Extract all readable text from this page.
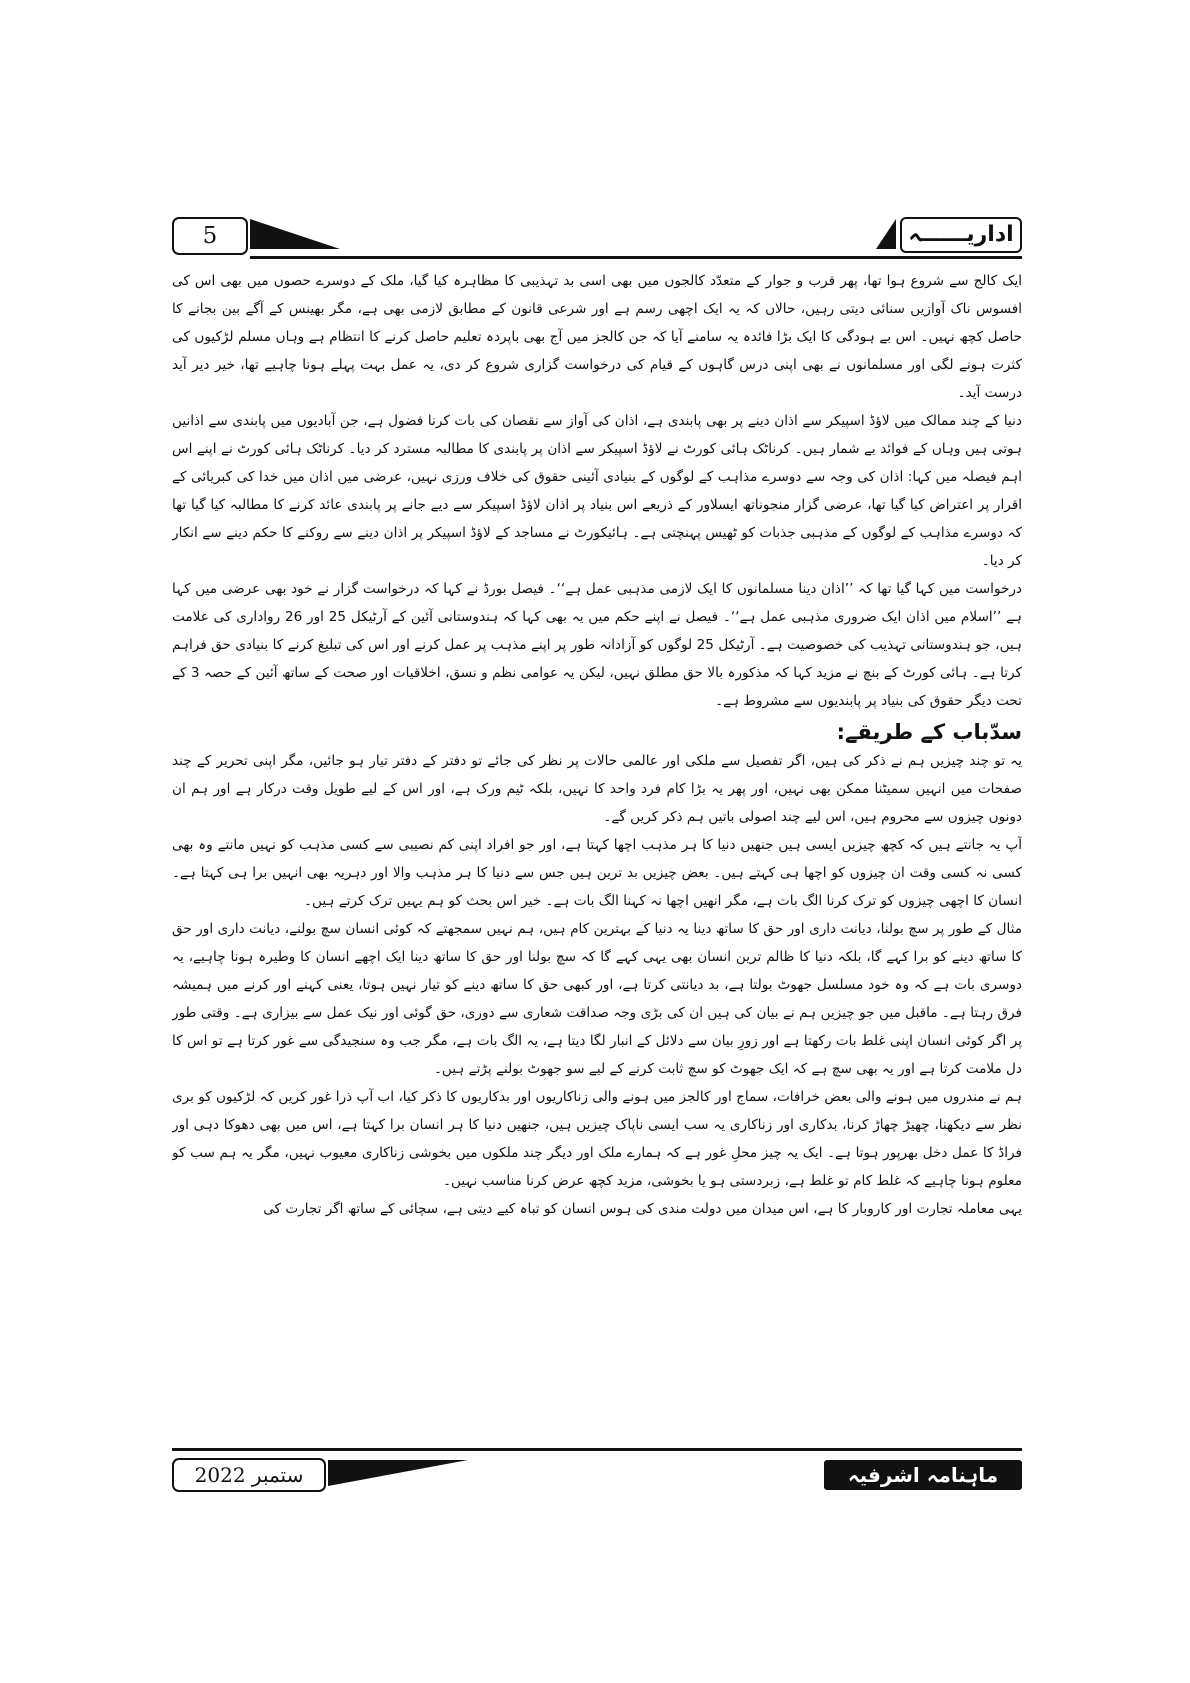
5	اداریــــــہ

ایک کالج سے شروع ہوا تھا، پھر قرب و جوار کے متعدّد کالجوں میں بھی اسی بد تہذیبی کا مظاہرہ کیا گیا، ملک کے دوسرے حصوں میں بھی اس کی افسوس ناک آوازیں سنائی دیتی رہیں، حالاں کہ یہ ایک اچھی رسم ہے اور شرعی قانون کے مطابق لازمی بھی ہے، مگر بھینس کے آگے بین بجانے کا حاصل کچھ نہیں۔ اس بے ہودگی کا ایک بڑا فائدہ یہ سامنے آیا کہ جن کالجز میں آج بھی باپردہ تعلیم حاصل کرنے کا انتظام ہے وہاں مسلم لڑکیوں کی کثرت ہونے لگی اور مسلمانوں نے بھی اپنی درس گاہوں کے قیام کی درخواست گزاری شروع کر دی، یہ عمل بہت پہلے ہونا چاہیے تھا، خیر دیر آید درست آید۔

دنیا کے چند ممالک میں لاؤڈ اسپیکر سے اذان دینے پر بھی پابندی ہے، اذان کی آواز سے نقصان کی بات کرنا فضول ہے، جن آبادیوں میں پابندی سے اذانیں ہوتی ہیں وہاں کے فوائد بے شمار ہیں۔ کرناٹک ہائی کورٹ نے لاؤڈ اسپیکر سے اذان پر پابندی کا مطالبہ مسترد کر دیا۔ کرناٹک ہائی کورٹ نے اپنے اس اہم فیصلہ میں کہا: اذان کی وجہ سے دوسرے مذاہب کے لوگوں کے بنیادی آئینی حقوق کی خلاف ورزی نہیں، عرضی میں اذان میں خدا کی کبریائی کے اقرار پر اعتراض کیا گیا تھا، عرضی گزار منجوناتھ ایسلاور کے ذریعے اس بنیاد پر اذان لاؤڈ اسپیکر سے دیے جانے پر پابندی عائد کرنے کا مطالبہ کیا گیا تھا کہ دوسرے مذاہب کے لوگوں کے مذہبی جذبات کو ٹھیس پہنچتی ہے۔ ہائیکورٹ نے مساجد کے لاؤڈ اسپیکر پر اذان دینے سے روکنے کا حکم دینے سے انکار کر دیا۔

درخواست میں کہا گیا تھا کہ ’’اذان دینا مسلمانوں کا ایک لازمی مذہبی عمل ہے‘‘۔ فیصل بورڈ نے کہا کہ درخواست گزار نے خود بھی عرضی میں کہا ہے ’’اسلام میں اذان ایک ضروری مذہبی عمل ہے‘‘۔ فیصل نے اپنے حکم میں یہ بھی کہا کہ ہندوستانی آئین کے آرٹیکل 25 اور 26 رواداری کی علامت ہیں، جو ہندوستانی تہذیب کی خصوصیت ہے۔ آرٹیکل 25 لوگوں کو آزادانہ طور پر اپنے مذہب پر عمل کرنے اور اس کی تبلیغ کرنے کا بنیادی حق فراہم کرتا ہے۔ ہائی کورٹ کے بنچ نے مزید کہا کہ مذکورہ بالا حق مطلق نہیں، لیکن یہ عوامی نظم و نسق، اخلاقیات اور صحت کے ساتھ آئین کے حصہ 3 کے تحت دیگر حقوق کی بنیاد پر پابندیوں سے مشروط ہے۔

سدّباب کے طریقے:

یہ تو چند چیزیں ہم نے ذکر کی ہیں، اگر تفصیل سے ملکی اور عالمی حالات پر نظر کی جائے تو دفتر کے دفتر تیار ہو جائیں، مگر اپنی تحریر کے چند صفحات میں انہیں سمیٹنا ممکن بھی نہیں، اور پھر یہ بڑا کام فرد واحد کا نہیں، بلکہ ٹیم ورک ہے، اور اس کے لیے طویل وقت درکار ہے اور ہم ان دونوں چیزوں سے محروم ہیں، اس لیے چند اصولی باتیں ہم ذکر کریں گے۔

آپ یہ جانتے ہیں کہ کچھ چیزیں ایسی ہیں جنھیں دنیا کا ہر مذہب اچھا کہتا ہے، اور جو افراد اپنی کم نصیبی سے کسی مذہب کو نہیں مانتے وہ بھی کسی نہ کسی وقت ان چیزوں کو اچھا ہی کہتے ہیں۔ بعض چیزیں بد ترین ہیں جس سے دنیا کا ہر مذہب والا اور دہریہ بھی انہیں برا ہی کہتا ہے۔ انسان کا اچھی چیزوں کو ترک کرنا الگ بات ہے، مگر انھیں اچھا نہ کہنا الگ بات ہے۔ خیر اس بحث کو ہم یہیں ترک کرتے ہیں۔

مثال کے طور پر سچ بولنا، دیانت داری اور حق کا ساتھ دینا یہ دنیا کے بہترین کام ہیں، ہم نہیں سمجھتے کہ کوئی انسان سچ بولنے، دیانت داری اور حق کا ساتھ دینے کو برا کہے گا، بلکہ دنیا کا ظالم ترین انسان بھی یہی کہے گا کہ سچ بولنا اور حق کا ساتھ دینا ایک اچھے انسان کا وطیرہ ہونا چاہیے، یہ دوسری بات ہے کہ وہ خود مسلسل جھوٹ بولتا ہے، بد دیانتی کرتا ہے، اور کبھی حق کا ساتھ دینے کو تیار نہیں ہوتا، یعنی کہنے اور کرنے میں ہمیشہ فرق رہتا ہے۔ ماقبل میں جو چیزیں ہم نے بیان کی ہیں ان کی بڑی وجہ صداقت شعاری سے دوری، حق گوئی اور نیک عمل سے بیزاری ہے۔ وقتی طور پر اگر کوئی انسان اپنی غلط بات رکھتا ہے اور زورِ بیان سے دلائل کے انبار لگا دیتا ہے، یہ الگ بات ہے، مگر جب وہ سنجیدگی سے غور کرتا ہے تو اس کا دل ملامت کرتا ہے اور یہ بھی سچ ہے کہ ایک جھوٹ کو سچ ثابت کرنے کے لیے سو جھوٹ بولنے پڑتے ہیں۔

ہم نے مندروں میں ہونے والی بعض خرافات، سماج اور کالجز میں ہونے والی زناکاریوں اور بدکاریوں کا ذکر کیا، اب آپ ذرا غور کریں کہ لڑکیوں کو بری نظر سے دیکھنا، چھیڑ چھاڑ کرنا، بدکاری اور زناکاری یہ سب ایسی ناپاک چیزیں ہیں، جنھیں دنیا کا ہر انسان برا کہتا ہے، اس میں بھی دھوکا دہی اور فراڈ کا عمل دخل بھرپور ہوتا ہے۔ ایک یہ چیز محلِ غور ہے کہ ہمارے ملک اور دیگر چند ملکوں میں بخوشی زناکاری معیوب نہیں، مگر یہ ہم سب کو معلوم ہونا چاہیے کہ غلط کام تو غلط ہے، زبردستی ہو یا بخوشی، مزید کچھ عرض کرنا مناسب نہیں۔

یہی معاملہ تجارت اور کاروبار کا ہے، اس میدان میں دولت مندی کی ہوس انسان کو تباہ کیے دیتی ہے، سچائی کے ساتھ اگر تجارت کی

ستمبر 2022	ماہنامہ اشرفیہ
